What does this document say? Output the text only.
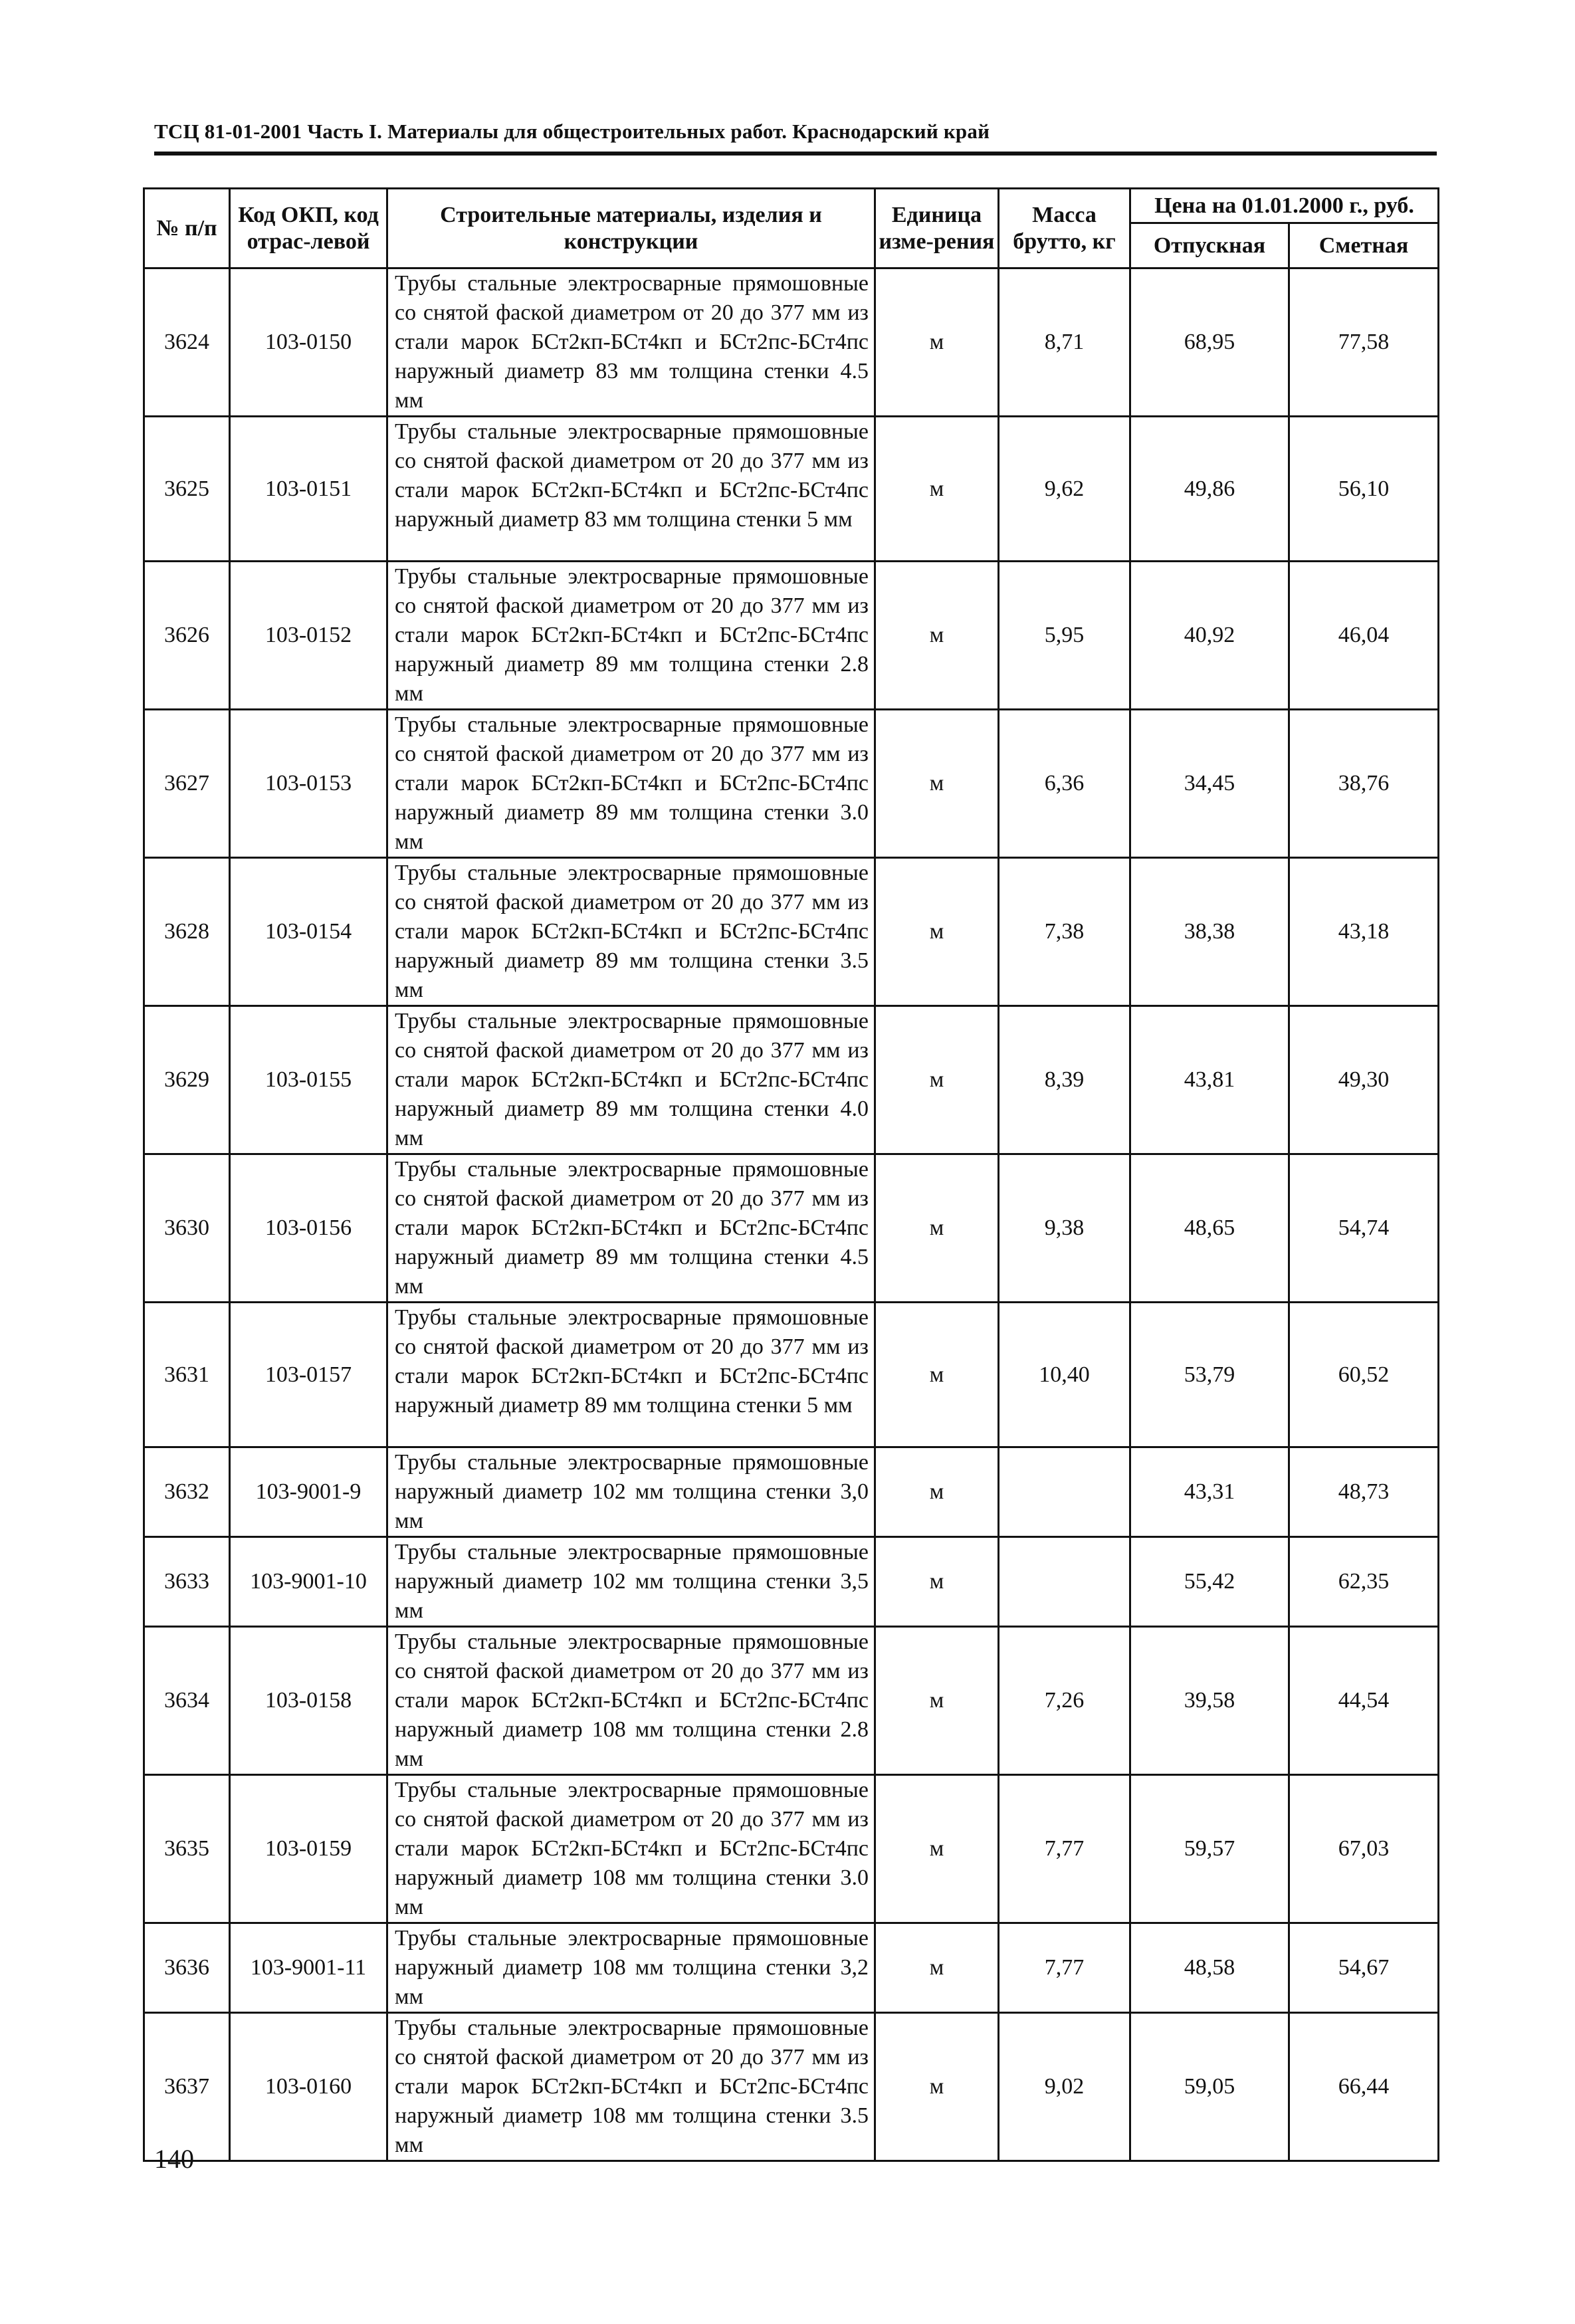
ТСЦ 81-01-2001 Часть I. Материалы для общестроительных работ. Краснодарский край
№ п/п	Код ОКП, код отрас-левой	Строительные материалы, изделия и конструкции	Единица изме-рения	Масса брутто, кг	Цена на 01.01.2000 г., руб.	
					Отпускная	Сметная
3624	103-0150	Трубы стальные электросварные прямошовные со снятой фаской диаметром от 20 до 377 мм из стали марок БСт2кп-БСт4кп и БСт2пс-БСт4пс наружный диаметр 83 мм толщина стенки 4.5 мм	м	8,71	68,95	77,58
3625	103-0151	Трубы стальные электросварные прямошовные со снятой фаской диаметром от 20 до 377 мм из стали марок БСт2кп-БСт4кп и БСт2пс-БСт4пс наружный диаметр 83 мм толщина стенки 5 мм	м	9,62	49,86	56,10
3626	103-0152	Трубы стальные электросварные прямошовные со снятой фаской диаметром от 20 до 377 мм из стали марок БСт2кп-БСт4кп и БСт2пс-БСт4пс наружный диаметр 89 мм толщина стенки 2.8 мм	м	5,95	40,92	46,04
3627	103-0153	Трубы стальные электросварные прямошовные со снятой фаской диаметром от 20 до 377 мм из стали марок БСт2кп-БСт4кп и БСт2пс-БСт4пс наружный диаметр 89 мм толщина стенки 3.0 мм	м	6,36	34,45	38,76
3628	103-0154	Трубы стальные электросварные прямошовные со снятой фаской диаметром от 20 до 377 мм из стали марок БСт2кп-БСт4кп и БСт2пс-БСт4пс наружный диаметр 89 мм толщина стенки 3.5 мм	м	7,38	38,38	43,18
3629	103-0155	Трубы стальные электросварные прямошовные со снятой фаской диаметром от 20 до 377 мм из стали марок БСт2кп-БСт4кп и БСт2пс-БСт4пс наружный диаметр 89 мм толщина стенки 4.0 мм	м	8,39	43,81	49,30
3630	103-0156	Трубы стальные электросварные прямошовные со снятой фаской диаметром от 20 до 377 мм из стали марок БСт2кп-БСт4кп и БСт2пс-БСт4пс наружный диаметр 89 мм толщина стенки 4.5 мм	м	9,38	48,65	54,74
3631	103-0157	Трубы стальные электросварные прямошовные со снятой фаской диаметром от 20 до 377 мм из стали марок БСт2кп-БСт4кп и БСт2пс-БСт4пс наружный диаметр 89 мм толщина стенки 5 мм	м	10,40	53,79	60,52
3632	103-9001-9	Трубы стальные электросварные прямошовные наружный диаметр 102 мм толщина стенки 3,0 мм	м		43,31	48,73
3633	103-9001-10	Трубы стальные электросварные прямошовные наружный диаметр 102 мм толщина стенки 3,5 мм	м		55,42	62,35
3634	103-0158	Трубы стальные электросварные прямошовные со снятой фаской диаметром от 20 до 377 мм из стали марок БСт2кп-БСт4кп и БСт2пс-БСт4пс наружный диаметр 108 мм толщина стенки 2.8 мм	м	7,26	39,58	44,54
3635	103-0159	Трубы стальные электросварные прямошовные со снятой фаской диаметром от 20 до 377 мм из стали марок БСт2кп-БСт4кп и БСт2пс-БСт4пс наружный диаметр 108 мм толщина стенки 3.0 мм	м	7,77	59,57	67,03
3636	103-9001-11	Трубы стальные электросварные прямошовные наружный диаметр 108 мм толщина стенки 3,2 мм	м	7,77	48,58	54,67
3637	103-0160	Трубы стальные электросварные прямошовные со снятой фаской диаметром от 20 до 377 мм из стали марок БСт2кп-БСт4кп и БСт2пс-БСт4пс наружный диаметр 108 мм толщина стенки 3.5 мм	м	9,02	59,05	66,44
140
